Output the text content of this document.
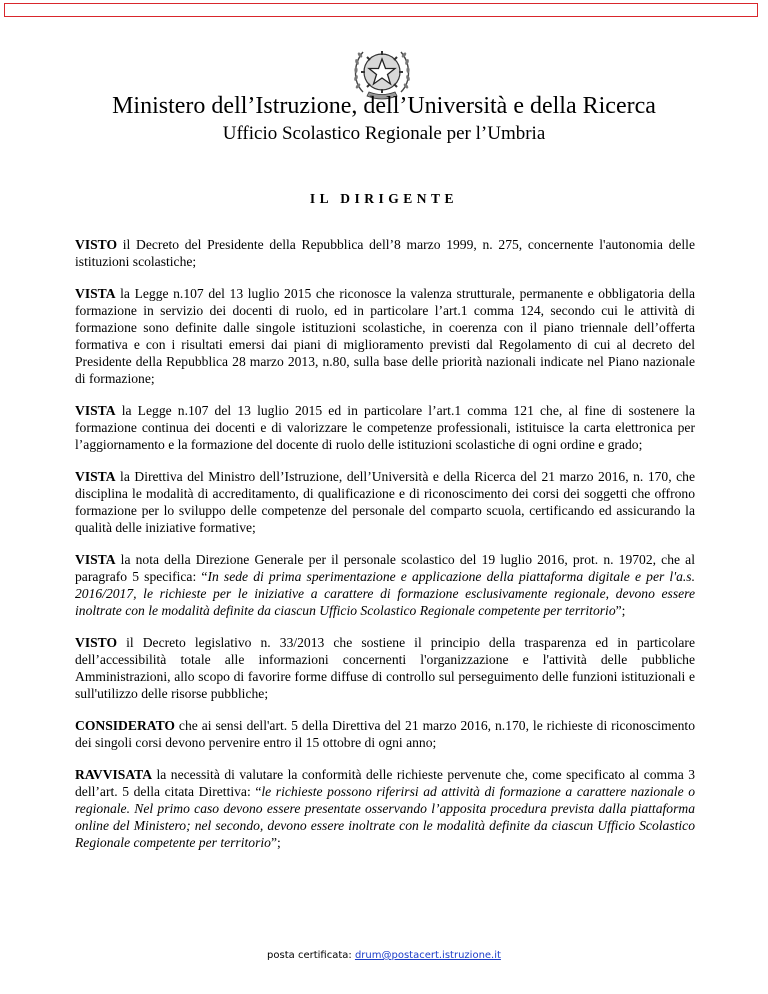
Ministero dell’Istruzione, dell’Università e della Ricerca
Ufficio Scolastico Regionale per l’Umbria
IL DIRIGENTE

VISTO il Decreto del Presidente della Repubblica dell’8 marzo 1999, n. 275, concernente l'autonomia delle istituzioni scolastiche;

VISTA la Legge n.107 del 13 luglio 2015 che riconosce la valenza strutturale, permanente e obbligatoria della formazione in servizio dei docenti di ruolo, ed in particolare l’art.1 comma 124, secondo cui le attività di formazione sono definite dalle singole istituzioni scolastiche, in coerenza con il piano triennale dell’offerta formativa e con i risultati emersi dai piani di miglioramento previsti dal Regolamento di cui al decreto del Presidente della Repubblica 28 marzo 2013, n.80, sulla base delle priorità nazionali indicate nel Piano nazionale di formazione;

VISTA la Legge n.107 del 13 luglio 2015 ed in particolare l’art.1 comma 121 che, al fine di sostenere la formazione continua dei docenti e di valorizzare le competenze professionali, istituisce la carta elettronica per l’aggiornamento e la formazione del docente di ruolo delle istituzioni scolastiche di ogni ordine e grado;

VISTA la Direttiva del Ministro dell’Istruzione, dell’Università e della Ricerca del 21 marzo 2016, n. 170, che disciplina le modalità di accreditamento, di qualificazione e di riconoscimento dei corsi dei soggetti che offrono formazione per lo sviluppo delle competenze del personale del comparto scuola, certificando ed assicurando la qualità delle iniziative formative;

VISTA la nota della Direzione Generale per il personale scolastico del 19 luglio 2016, prot. n. 19702, che al paragrafo 5 specifica: “In sede di prima sperimentazione e applicazione della piattaforma digitale e per l'a.s. 2016/2017, le richieste per le iniziative a carattere di formazione esclusivamente regionale, devono essere inoltrate con le modalità definite da ciascun Ufficio Scolastico Regionale competente per territorio”;

VISTO il Decreto legislativo n. 33/2013 che sostiene il principio della trasparenza ed in particolare dell’accessibilità totale alle informazioni concernenti l'organizzazione e l'attività delle pubbliche Amministrazioni, allo scopo di favorire forme diffuse di controllo sul perseguimento delle funzioni istituzionali e sull'utilizzo delle risorse pubbliche;

CONSIDERATO che ai sensi dell'art. 5 della Direttiva del 21 marzo 2016, n.170, le richieste di riconoscimento dei singoli corsi devono pervenire entro il 15 ottobre di ogni anno;

RAVVISATA la necessità di valutare la conformità delle richieste pervenute che, come specificato al comma 3 dell’art. 5 della citata Direttiva: “le richieste possono riferirsi ad attività di formazione a carattere nazionale o regionale. Nel primo caso devono essere presentate osservando l’apposita procedura prevista dalla piattaforma online del Ministero; nel secondo, devono essere inoltrate con le modalità definite da ciascun Ufficio Scolastico Regionale competente per territorio”;

posta certificata: drum@postacert.istruzione.it
